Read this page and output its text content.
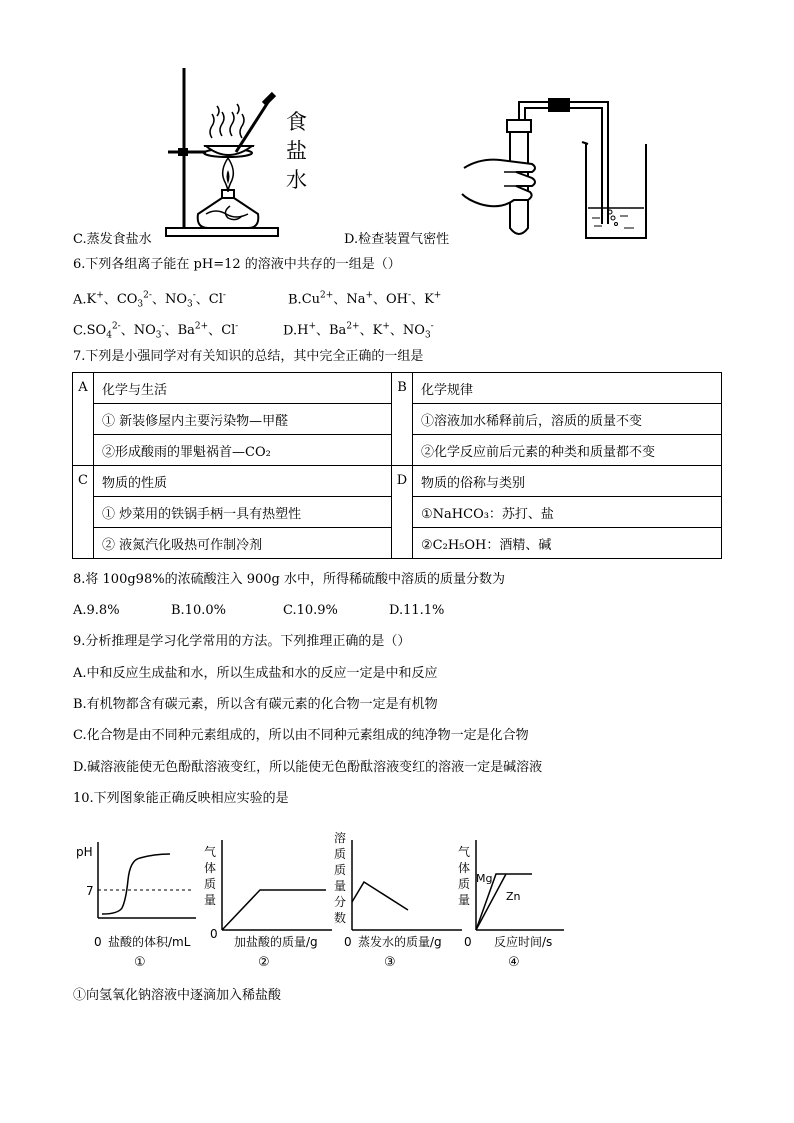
食
盐
水
C.蒸发食盐水	D.检查装置气密性
6.下列各组离子能在 pH=12 的溶液中共存的一组是（）
A.K+、$CO_3^{2-}$、$NO_3^-$、Cl-	$B.Cu^{2+}$、Na+、OH-、K+
$C.SO_4^{2-}$、$NO_3^-$、$Ba^{2+}$、Cl-	D.H+、$Ba^{2+}$、K+、$NO_3^-$
7.下列是小强同学对有关知识的总结，其中完全正确的一组是
A	化学与生活	B	化学规律
	① 新装修屋内主要污染物—甲醛		①溶液加水稀释前后，溶质的质量不变
	②形成酸雨的罪魁祸首—CO₂		②化学反应前后元素的种类和质量都不变
C	物质的性质	D	物质的俗称与类别
	① 炒菜用的铁锅手柄一具有热塑性		①NaHCO₃：苏打、盐
	② 液氮汽化吸热可作制冷剂		②C₂H₅OH：酒精、碱
8.将 100g98%的浓硫酸注入 900g 水中，所得稀硫酸中溶质的质量分数为
A.9.8%	B.10.0%	C.10.9%	D.11.1%
9.分析推理是学习化学常用的方法。下列推理正确的是（）
A.中和反应生成盐和水，所以生成盐和水的反应一定是中和反应
B.有机物都含有碳元素，所以含有碳元素的化合物一定是有机物
C.化合物是由不同种元素组成的，所以由不同种元素组成的纯净物一定是化合物
D.碱溶液能使无色酚酞溶液变红，所以能使无色酚酞溶液变红的溶液一定是碱溶液
10.下列图象能正确反映相应实验的是
pH
7
0 盐酸的体积/mL
①
气
体
质
量
0
加盐酸的质量/g
②
溶
质
质
量
分
数
0 蒸发水的质量/g
③
气
体
质
量
Mg
Zn
0 反应时间/s
④
①向氢氧化钠溶液中逐滴加入稀盐酸
